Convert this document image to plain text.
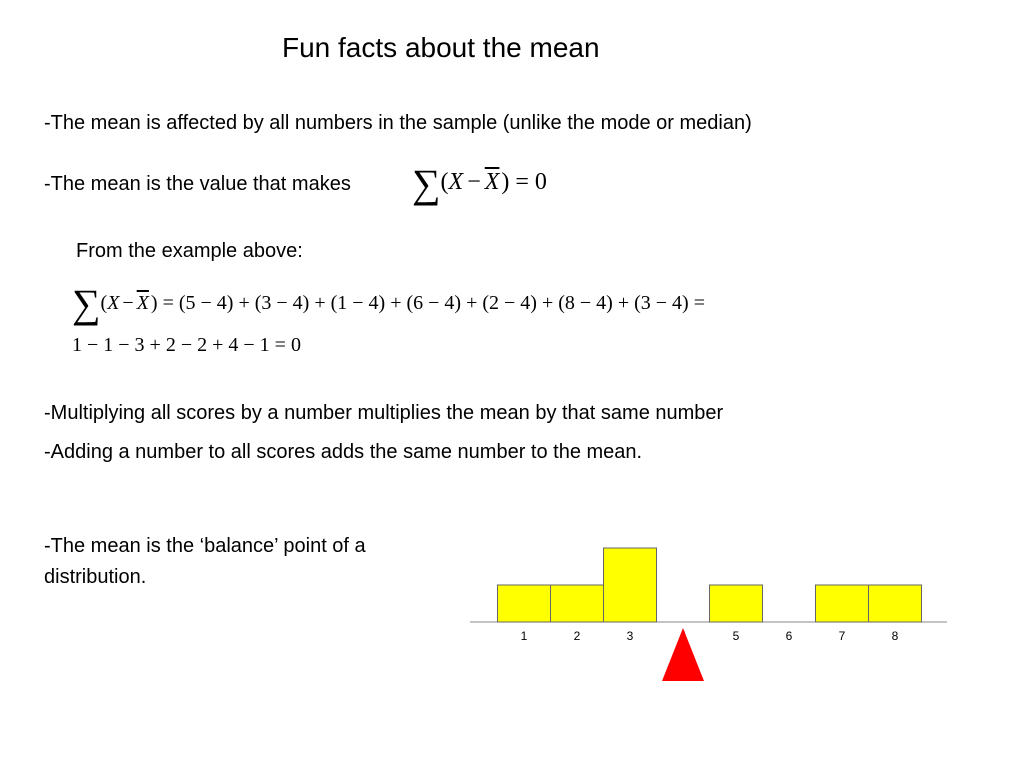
Fun facts about the mean
-The mean is affected by all numbers in the sample (unlike the mode or median)
-The mean is the value that makes $\sum(X - \overline{X}) = 0$
From the example above:
$\sum(X - \overline{X}$ ) = (5 − 4) + (3 − 4) + (1 − 4) + (6 − 4) + (2 − 4) + (8 − 4) + (3 − 4) =
1 − 1 − 3 + 2 − 2 + 4 − 1 = 0
-Multiplying all scores by a number multiplies the mean by that same number
-Adding a number to all scores adds the same number to the mean.
-The mean is the ‘balance’ point of a
distribution.
1	2	3	5	6	7	8
